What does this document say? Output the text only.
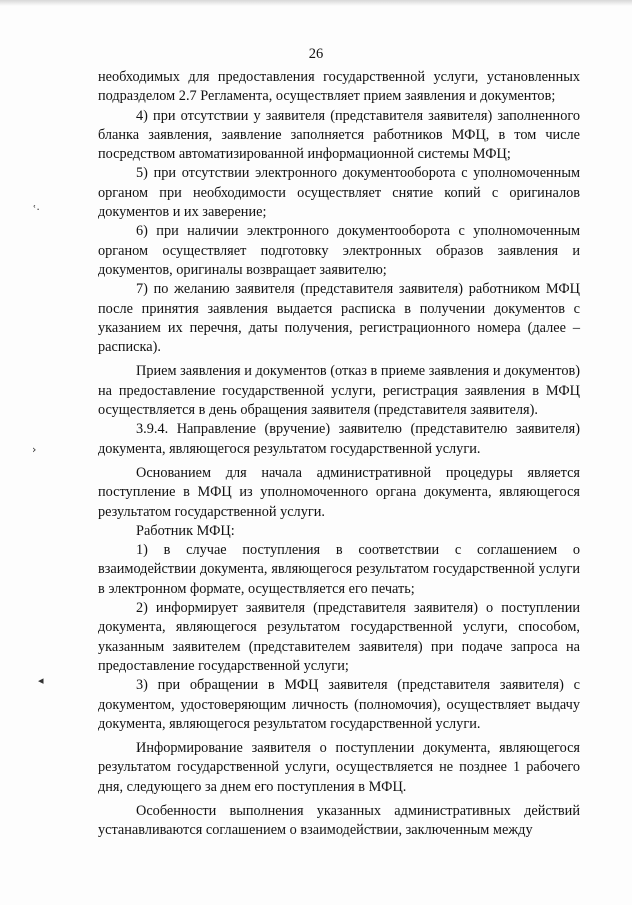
26
ʿ·
›
◂

необходимых для предоставления государственной услуги, установленных подразделом 2.7 Регламента, осуществляет прием заявления и документов;

4) при отсутствии у заявителя (представителя заявителя) заполненного бланка заявления, заявление заполняется работников МФЦ, в том числе посредством автоматизированной информационной системы МФЦ;

5) при отсутствии электронного документооборота с уполномоченным органом при необходимости осуществляет снятие копий с оригиналов документов и их заверение;

6) при наличии электронного документооборота с уполномоченным органом осуществляет подготовку электронных образов заявления и документов, оригиналы возвращает заявителю;

7) по желанию заявителя (представителя заявителя) работником МФЦ после принятия заявления выдается расписка в получении документов с указанием их перечня, даты получения, регистрационного номера (далее – расписка).

Прием заявления и документов (отказ в приеме заявления и документов) на предоставление государственной услуги, регистрация заявления в МФЦ осуществляется в день обращения заявителя (представителя заявителя).

3.9.4. Направление (вручение) заявителю (представителю заявителя) документа, являющегося результатом государственной услуги.

Основанием для начала административной процедуры является поступление в МФЦ из уполномоченного органа документа, являющегося результатом государственной услуги.

Работник МФЦ:

1) в случае поступления в соответствии с соглашением о взаимодействии документа, являющегося результатом государственной услуги в электронном формате, осуществляется его печать;

2) информирует заявителя (представителя заявителя) о поступлении документа, являющегося результатом государственной услуги, способом, указанным заявителем (представителем заявителя) при подаче запроса на предоставление государственной услуги;

3) при обращении в МФЦ заявителя (представителя заявителя) с документом, удостоверяющим личность (полномочия), осуществляет выдачу документа, являющегося результатом государственной услуги.

Информирование заявителя о поступлении документа, являющегося результатом государственной услуги, осуществляется не позднее 1 рабочего дня, следующего за днем его поступления в МФЦ.

Особенности выполнения указанных административных действий устанавливаются соглашением о взаимодействии, заключенным между
